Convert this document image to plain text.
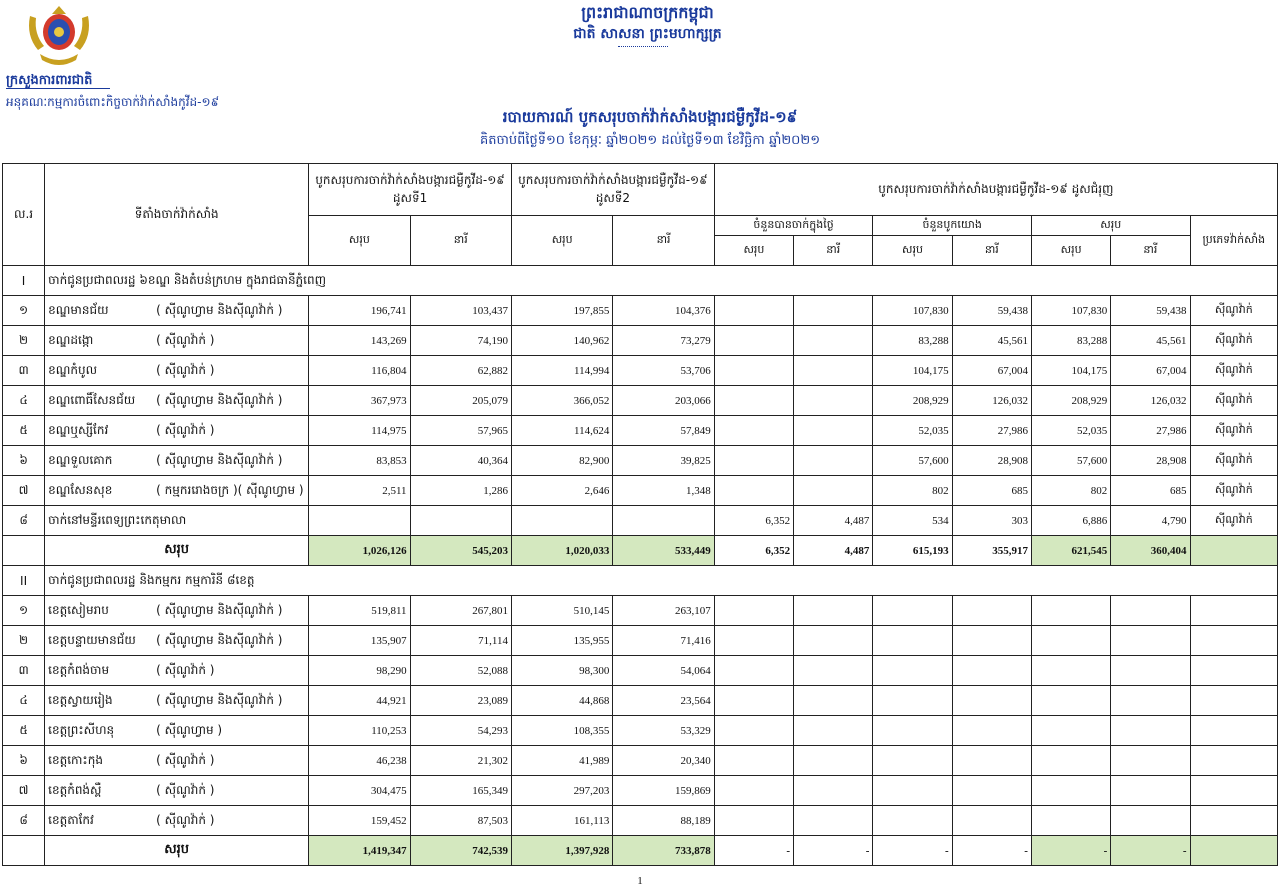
ក្រសួងការពារជាតិ
អនុគណៈកម្មការចំពោះកិច្ចចាក់វ៉ាក់សាំងកូវីដ-១៩
ព្រះរាជាណាចក្រកម្ពុជា
ជាតិ សាសនា ព្រះមហាក្សត្រ
របាយការណ៍ បូកសរុបចាក់វ៉ាក់សាំងបង្ការជម្ងឺកូវីដ-១៩
គិតចាប់ពីថ្ងៃទី១០ ខែកុម្ភៈ ឆ្នាំ២០២១ ដល់ថ្ងៃទី១៣ ខែវិច្ឆិកា ឆ្នាំ២០២១
ល.រ	ទីតាំងចាក់វ៉ាក់សាំង	បូកសរុបការចាក់វ៉ាក់សាំងបង្ការជម្ងឺកូវីដ-១៩ ដូសទី1		បូកសរុបការចាក់វ៉ាក់សាំងបង្ការជម្ងឺកូវីដ-១៩ ដូសទី2		បូកសរុបការចាក់វ៉ាក់សាំងបង្ការជម្ងឺកូវីដ-១៩ ដូសជំរុញ						
		សរុប	នារី	សរុប	នារី	ចំនួនបានចាក់ក្នុងថ្ងៃ		ចំនួនបូកយោង		សរុប		ប្រភេទវ៉ាក់សាំង
						សរុប	នារី	សរុប	នារី	សរុប	នារី	
I	ចាក់ជូនប្រជាពលរដ្ឋ ៦ខណ្ឌ និងតំបន់ក្រហម ក្នុងរាជធានីភ្នំពេញ											
១	ខណ្ឌមានជ័យ ( ស៊ីណូហ្វាម និងស៊ីណូវ៉ាក់ )	196,741	103,437	197,855	104,376			107,830	59,438	107,830	59,438	ស៊ីណូវ៉ាក់
២	ខណ្ឌដង្កោ ( ស៊ីណូវ៉ាក់ )	143,269	74,190	140,962	73,279			83,288	45,561	83,288	45,561	ស៊ីណូវ៉ាក់
៣	ខណ្ឌកំបូល ( ស៊ីណូវ៉ាក់ )	116,804	62,882	114,994	53,706			104,175	67,004	104,175	67,004	ស៊ីណូវ៉ាក់
៤	ខណ្ឌពោធិ៍សែនជ័យ ( ស៊ីណូហ្វាម និងស៊ីណូវ៉ាក់ )	367,973	205,079	366,052	203,066			208,929	126,032	208,929	126,032	ស៊ីណូវ៉ាក់
៥	ខណ្ឌឬស្សីកែវ ( ស៊ីណូវ៉ាក់ )	114,975	57,965	114,624	57,849			52,035	27,986	52,035	27,986	ស៊ីណូវ៉ាក់
៦	ខណ្ឌទួលគោក ( ស៊ីណូហ្វាម និងស៊ីណូវ៉ាក់ )	83,853	40,364	82,900	39,825			57,600	28,908	57,600	28,908	ស៊ីណូវ៉ាក់
៧	ខណ្ឌសែនសុខ ( កម្មកររោងចក្រ )( ស៊ីណូហ្វាម )	2,511	1,286	2,646	1,348			802	685	802	685	ស៊ីណូវ៉ាក់
៨	ចាក់នៅមន្ទីរពេទ្យព្រះកេតុមាលា					6,352	4,487	534	303	6,886	4,790	ស៊ីណូវ៉ាក់
	សរុប	1,026,126	545,203	1,020,033	533,449	6,352	4,487	615,193	355,917	621,545	360,404	
II	ចាក់ជូនប្រជាពលរដ្ឋ និងកម្មករ កម្មការិនី ៨ខេត្ត											
១	ខេត្តសៀមរាប ( ស៊ីណូហ្វាម និងស៊ីណូវ៉ាក់ )	519,811	267,801	510,145	263,107							
២	ខេត្តបន្ទាយមានជ័យ ( ស៊ីណូហ្វាម និងស៊ីណូវ៉ាក់ )	135,907	71,114	135,955	71,416							
៣	ខេត្តកំពង់ចាម ( ស៊ីណូវ៉ាក់ )	98,290	52,088	98,300	54,064							
៤	ខេត្តស្វាយរៀង ( ស៊ីណូហ្វាម និងស៊ីណូវ៉ាក់ )	44,921	23,089	44,868	23,564							
៥	ខេត្តព្រះសីហនុ ( ស៊ីណូហ្វាម )	110,253	54,293	108,355	53,329							
៦	ខេត្តកោះកុង ( ស៊ីណូវ៉ាក់ )	46,238	21,302	41,989	20,340							
៧	ខេត្តកំពង់ស្ពឺ ( ស៊ីណូវ៉ាក់ )	304,475	165,349	297,203	159,869							
៨	ខេត្តតាកែវ ( ស៊ីណូវ៉ាក់ )	159,452	87,503	161,113	88,189							
	សរុប	1,419,347	742,539	1,397,928	733,878	-	-	-	-	-	-	
1
